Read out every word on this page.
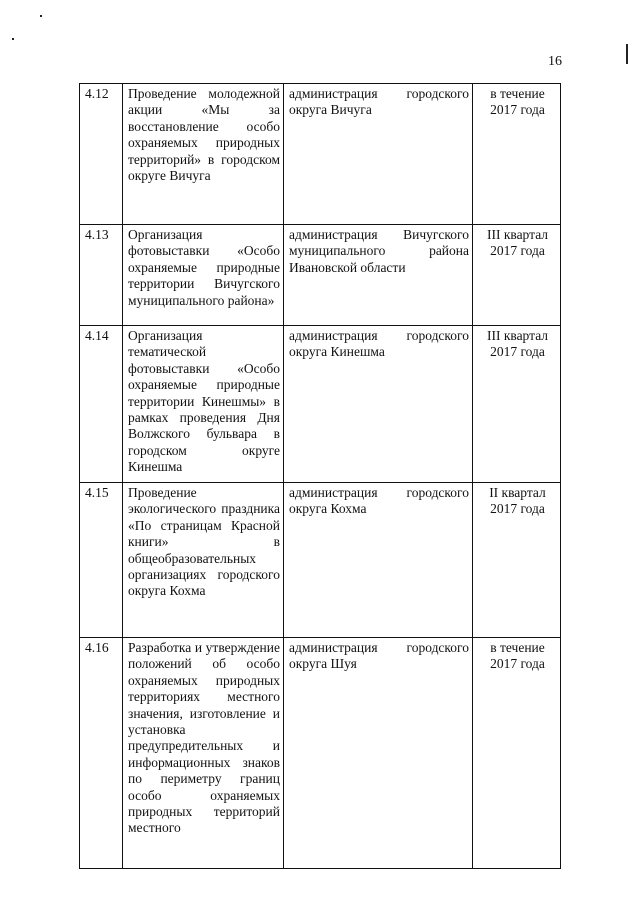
16
4.12	Проведение молодежной акции «Мы за восстановление особо охраняемых природных территорий» в городском округе Вичуга	администрация городского округа Вичуга	в течение 2017 года

4.13	Организация фотовыставки «Особо охраняемые природные территории Вичугского муниципального района»	администрация Вичугского муниципального района Ивановской области	III квартал 2017 года

4.14	Организация тематической фотовыставки «Особо охраняемые природные территории Кинешмы» в рамках проведения Дня Волжского бульвара в городском округе Кинешма	администрация городского округа Кинешма	III квартал 2017 года

4.15	Проведение экологического праздника «По страницам Красной книги» в общеобразовательных организациях городского округа Кохма	администрация городского округа Кохма	II квартал 2017 года

4.16	Разработка и утверждение положений об особо охраняемых природных территориях местного значения, изготовление и установка предупредительных и информационных знаков по периметру границ особо охраняемых природных территорий местного	администрация городского округа Шуя	в течение 2017 года
